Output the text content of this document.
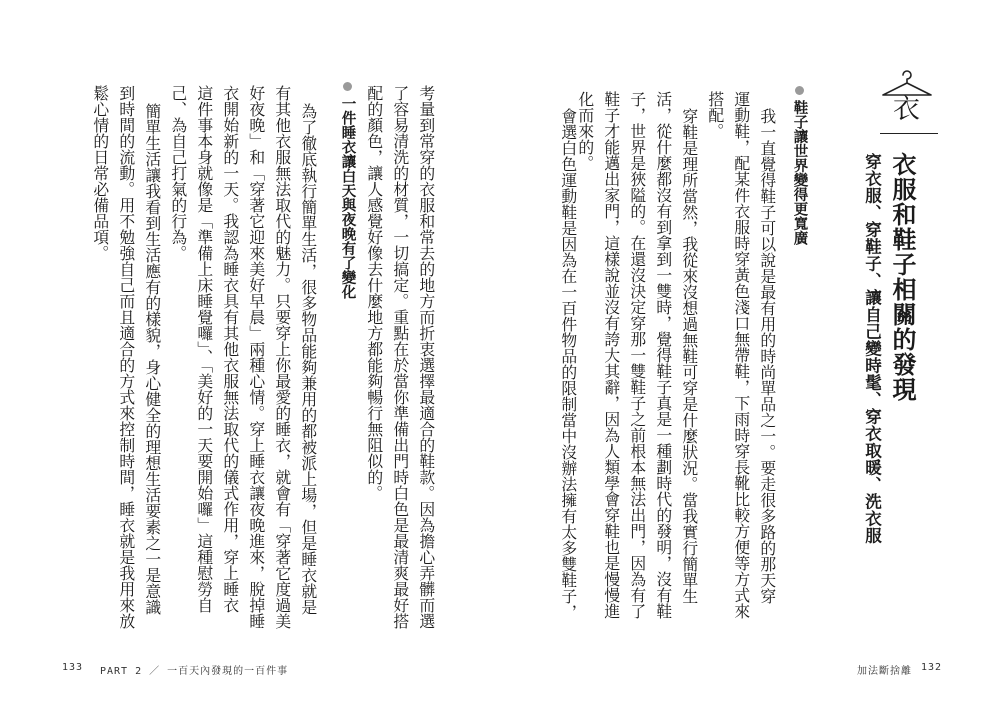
衣
衣服和鞋子相關的發現
穿衣服、穿鞋子、讓自己變時髦、穿衣取暖、洗衣服
鞋子讓世界變得更寬廣
我一直覺得鞋子可以說是最有用的時尚單品之一。要走很多路的那天穿
運動鞋，配某件衣服時穿黃色淺口無帶鞋，下雨時穿長靴比較方便等方式來
搭配。
穿鞋是理所當然，我從來沒想過無鞋可穿是什麼狀況。當我實行簡單生
活，從什麼都沒有到拿到一雙時，覺得鞋子真是一種劃時代的發明，沒有鞋
子，世界是狹隘的。在還沒決定穿那一雙鞋子之前根本無法出門，因為有了
鞋子才能邁出家門，這樣說並沒有誇大其辭，因為人類學會穿鞋也是慢慢進
化而來的。
會選白色運動鞋是因為在一百件物品的限制當中沒辦法擁有太多雙鞋子，
考量到常穿的衣服和常去的地方而折衷選擇最適合的鞋款。因為擔心弄髒而選
了容易清洗的材質，一切搞定。重點在於當你準備出門時白色是最清爽最好搭
配的顏色，讓人感覺好像去什麼地方都能夠暢行無阻似的。
一件睡衣讓白天與夜晚有了變化
為了徹底執行簡單生活，很多物品能夠兼用的都被派上場，但是睡衣就是
有其他衣服無法取代的魅力。只要穿上你最愛的睡衣，就會有「穿著它度過美
好夜晚」和「穿著它迎來美好早晨」兩種心情。穿上睡衣讓夜晚進來，脫掉睡
衣開始新的一天。我認為睡衣具有其他衣服無法取代的儀式作用，穿上睡衣
這件事本身就像是「準備上床睡覺囉」、「美好的一天要開始囉」這種慰勞自
己、為自己打氣的行為。
簡單生活讓我看到生活應有的樣貌，身心健全的理想生活要素之一是意識
到時間的流動。用不勉強自己而且適合的方式來控制時間，睡衣就是我用來放
鬆心情的日常必備品項。
133 PART 2 ／ 一百天內發現的一百件事	加法斷捨離 132
